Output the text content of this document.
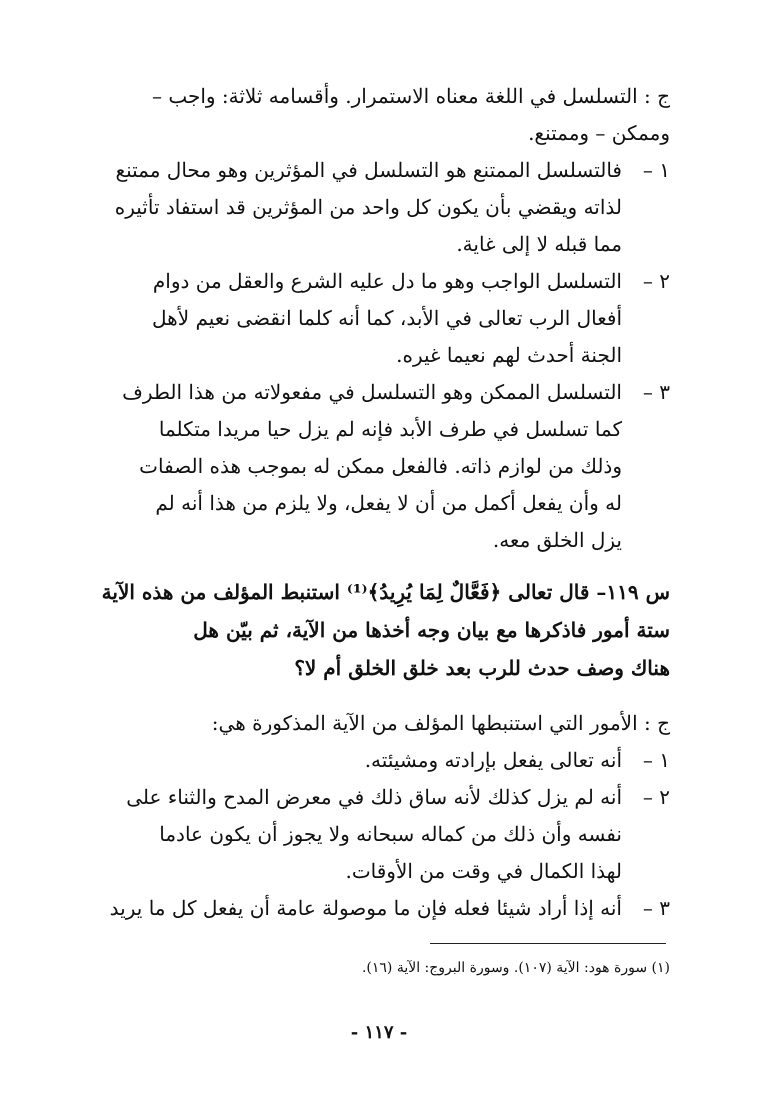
ج : التسلسل في اللغة معناه الاستمرار. وأقسامه ثلاثة: واجب –
وممكن – وممتنع.
١ –
فالتسلسل الممتنع هو التسلسل في المؤثرين وهو محال ممتنع
لذاته ويقضي بأن يكون كل واحد من المؤثرين قد استفاد تأثيره
مما قبله لا إلى غاية.
٢ –
التسلسل الواجب وهو ما دل عليه الشرع والعقل من دوام
أفعال الرب تعالى في الأبد، كما أنه كلما انقضى نعيم لأهل
الجنة أحدث لهم نعيما غيره.
٣ –
التسلسل الممكن وهو التسلسل في مفعولاته من هذا الطرف
كما تسلسل في طرف الأبد فإنه لم يزل حيا مريدا متكلما
وذلك من لوازم ذاته. فالفعل ممكن له بموجب هذه الصفات
له وأن يفعل أكمل من أن لا يفعل، ولا يلزم من هذا أنه لم
يزل الخلق معه.
س ١١٩– قال تعالى ﴿فَعَّالٌ لِمَا يُرِيدُ﴾⁽¹⁾ استنبط المؤلف من هذه الآية
ستة أمور فاذكرها مع بيان وجه أخذها من الآية، ثم بيّن هل
هناك وصف حدث للرب بعد خلق الخلق أم لا؟
ج : الأمور التي استنبطها المؤلف من الآية المذكورة هي:
١ –
أنه تعالى يفعل بإرادته ومشيئته.
٢ –
أنه لم يزل كذلك لأنه ساق ذلك في معرض المدح والثناء على
نفسه وأن ذلك من كماله سبحانه ولا يجوز أن يكون عادما
لهذا الكمال في وقت من الأوقات.
٣ –
أنه إذا أراد شيئا فعله فإن ما موصولة عامة أن يفعل كل ما يريد
(١) سورة هود: الآية (١٠٧). وسورة البروج: الآية (١٦).
- ١١٧ -
